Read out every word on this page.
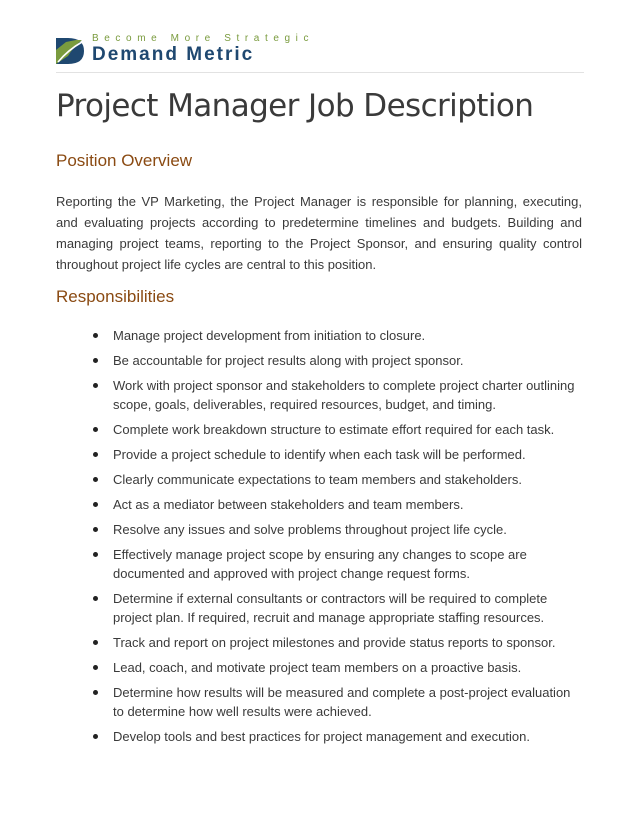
Become More Strategic
Demand Metric
Project Manager Job Description
Position Overview

Reporting the VP Marketing, the Project Manager is responsible for planning, executing, and evaluating projects according to predetermine timelines and budgets. Building and managing project teams, reporting to the Project Sponsor, and ensuring quality control throughout project life cycles are central to this position.

Responsibilities
Manage project development from initiation to closure.
Be accountable for project results along with project sponsor.
Work with project sponsor and stakeholders to complete project charter outlining scope, goals, deliverables, required resources, budget, and timing.
Complete work breakdown structure to estimate effort required for each task.
Provide a project schedule to identify when each task will be performed.
Clearly communicate expectations to team members and stakeholders.
Act as a mediator between stakeholders and team members.
Resolve any issues and solve problems throughout project life cycle.
Effectively manage project scope by ensuring any changes to scope are documented and approved with project change request forms.
Determine if external consultants or contractors will be required to complete project plan. If required, recruit and manage appropriate staffing resources.
Track and report on project milestones and provide status reports to sponsor.
Lead, coach, and motivate project team members on a proactive basis.
Determine how results will be measured and complete a post-project evaluation to determine how well results were achieved.
Develop tools and best practices for project management and execution.
